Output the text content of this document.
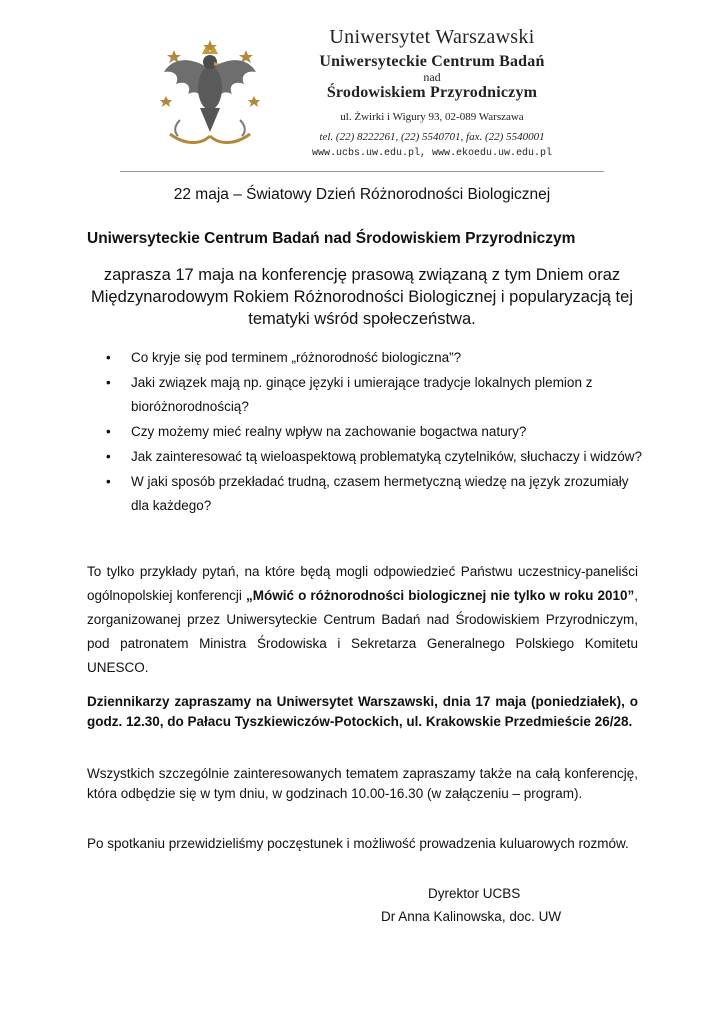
Uniwersytet Warszawski
Uniwersyteckie Centrum Badań
nad
Środowiskiem Przyrodniczym
ul. Żwirki i Wigury 93, 02-089 Warszawa
tel. (22) 8222261, (22) 5540701, fax. (22) 5540001
www.ucbs.uw.edu.pl, www.ekoedu.uw.edu.pl
22 maja – Światowy Dzień Różnorodności Biologicznej
Uniwersyteckie Centrum Badań nad Środowiskiem Przyrodniczym
zaprasza 17 maja na konferencję prasową związaną z tym Dniem oraz Międzynarodowym Rokiem Różnorodności Biologicznej i popularyzacją tej tematyki wśród społeczeństwa.
• Co kryje się pod terminem „różnorodność biologiczna”?
• Jaki związek mają np. ginące języki i umierające tradycje lokalnych plemion z bioróżnorodnością?
• Czy możemy mieć realny wpływ na zachowanie bogactwa natury?
• Jak zainteresować tą wieloaspektową problematyką czytelników, słuchaczy i widzów?
• W jaki sposób przekładać trudną, czasem hermetyczną wiedzę na język zrozumiały dla każdego?
To tylko przykłady pytań, na które będą mogli odpowiedzieć Państwu uczestnicy-paneliści ogólnopolskiej konferencji „Mówić o różnorodności biologicznej nie tylko w roku 2010”, zorganizowanej przez Uniwersyteckie Centrum Badań nad Środowiskiem Przyrodniczym, pod patronatem Ministra Środowiska i Sekretarza Generalnego Polskiego Komitetu UNESCO.
Dziennikarzy zapraszamy na Uniwersytet Warszawski, dnia 17 maja (poniedziałek), o godz. 12.30, do Pałacu Tyszkiewiczów-Potockich, ul. Krakowskie Przedmieście 26/28.
Wszystkich szczególnie zainteresowanych tematem zapraszamy także na całą konferencję, która odbędzie się w tym dniu, w godzinach 10.00-16.30 (w załączeniu – program).
Po spotkaniu przewidzieliśmy poczęstunek i możliwość prowadzenia kuluarowych rozmów.
Dyrektor UCBS
Dr Anna Kalinowska, doc. UW
